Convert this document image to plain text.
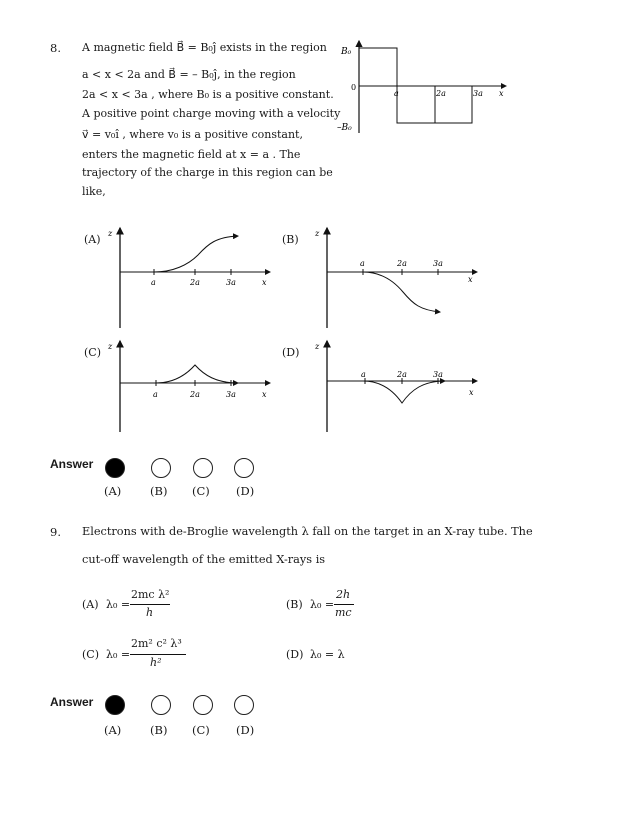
8. A magnetic field B⃗ = B₀ĵ exists in the region
a < x < 2a and B⃗ = – B₀ĵ, in the region
2a < x < 3a , where B₀ is a positive constant.
A positive point charge moving with a velocity
v⃗ = v₀î , where v₀ is a positive constant,
enters the magnetic field at x = a . The
trajectory of the charge in this region can be
like,
B₀
–B₀
0
a	2a	3a x
(A) z
a	2a	3a	x
(B) z
a	2a	3a
x
(C) z
a	2a	3a	x
(D) z
a	2a	3a
x
Answer
(A) (B) (C) (D)
9. Electrons with de-Broglie wavelength λ fall on the target in an X-ray tube. The
cut-off wavelength of the emitted X-rays is
(A) λ₀ =
2mc λ²
h
(B) λ₀ =
2h
mc
(C) λ₀ =
2m² c² λ³
h²
(D) λ₀ = λ
Answer
(A) (B) (C) (D)
